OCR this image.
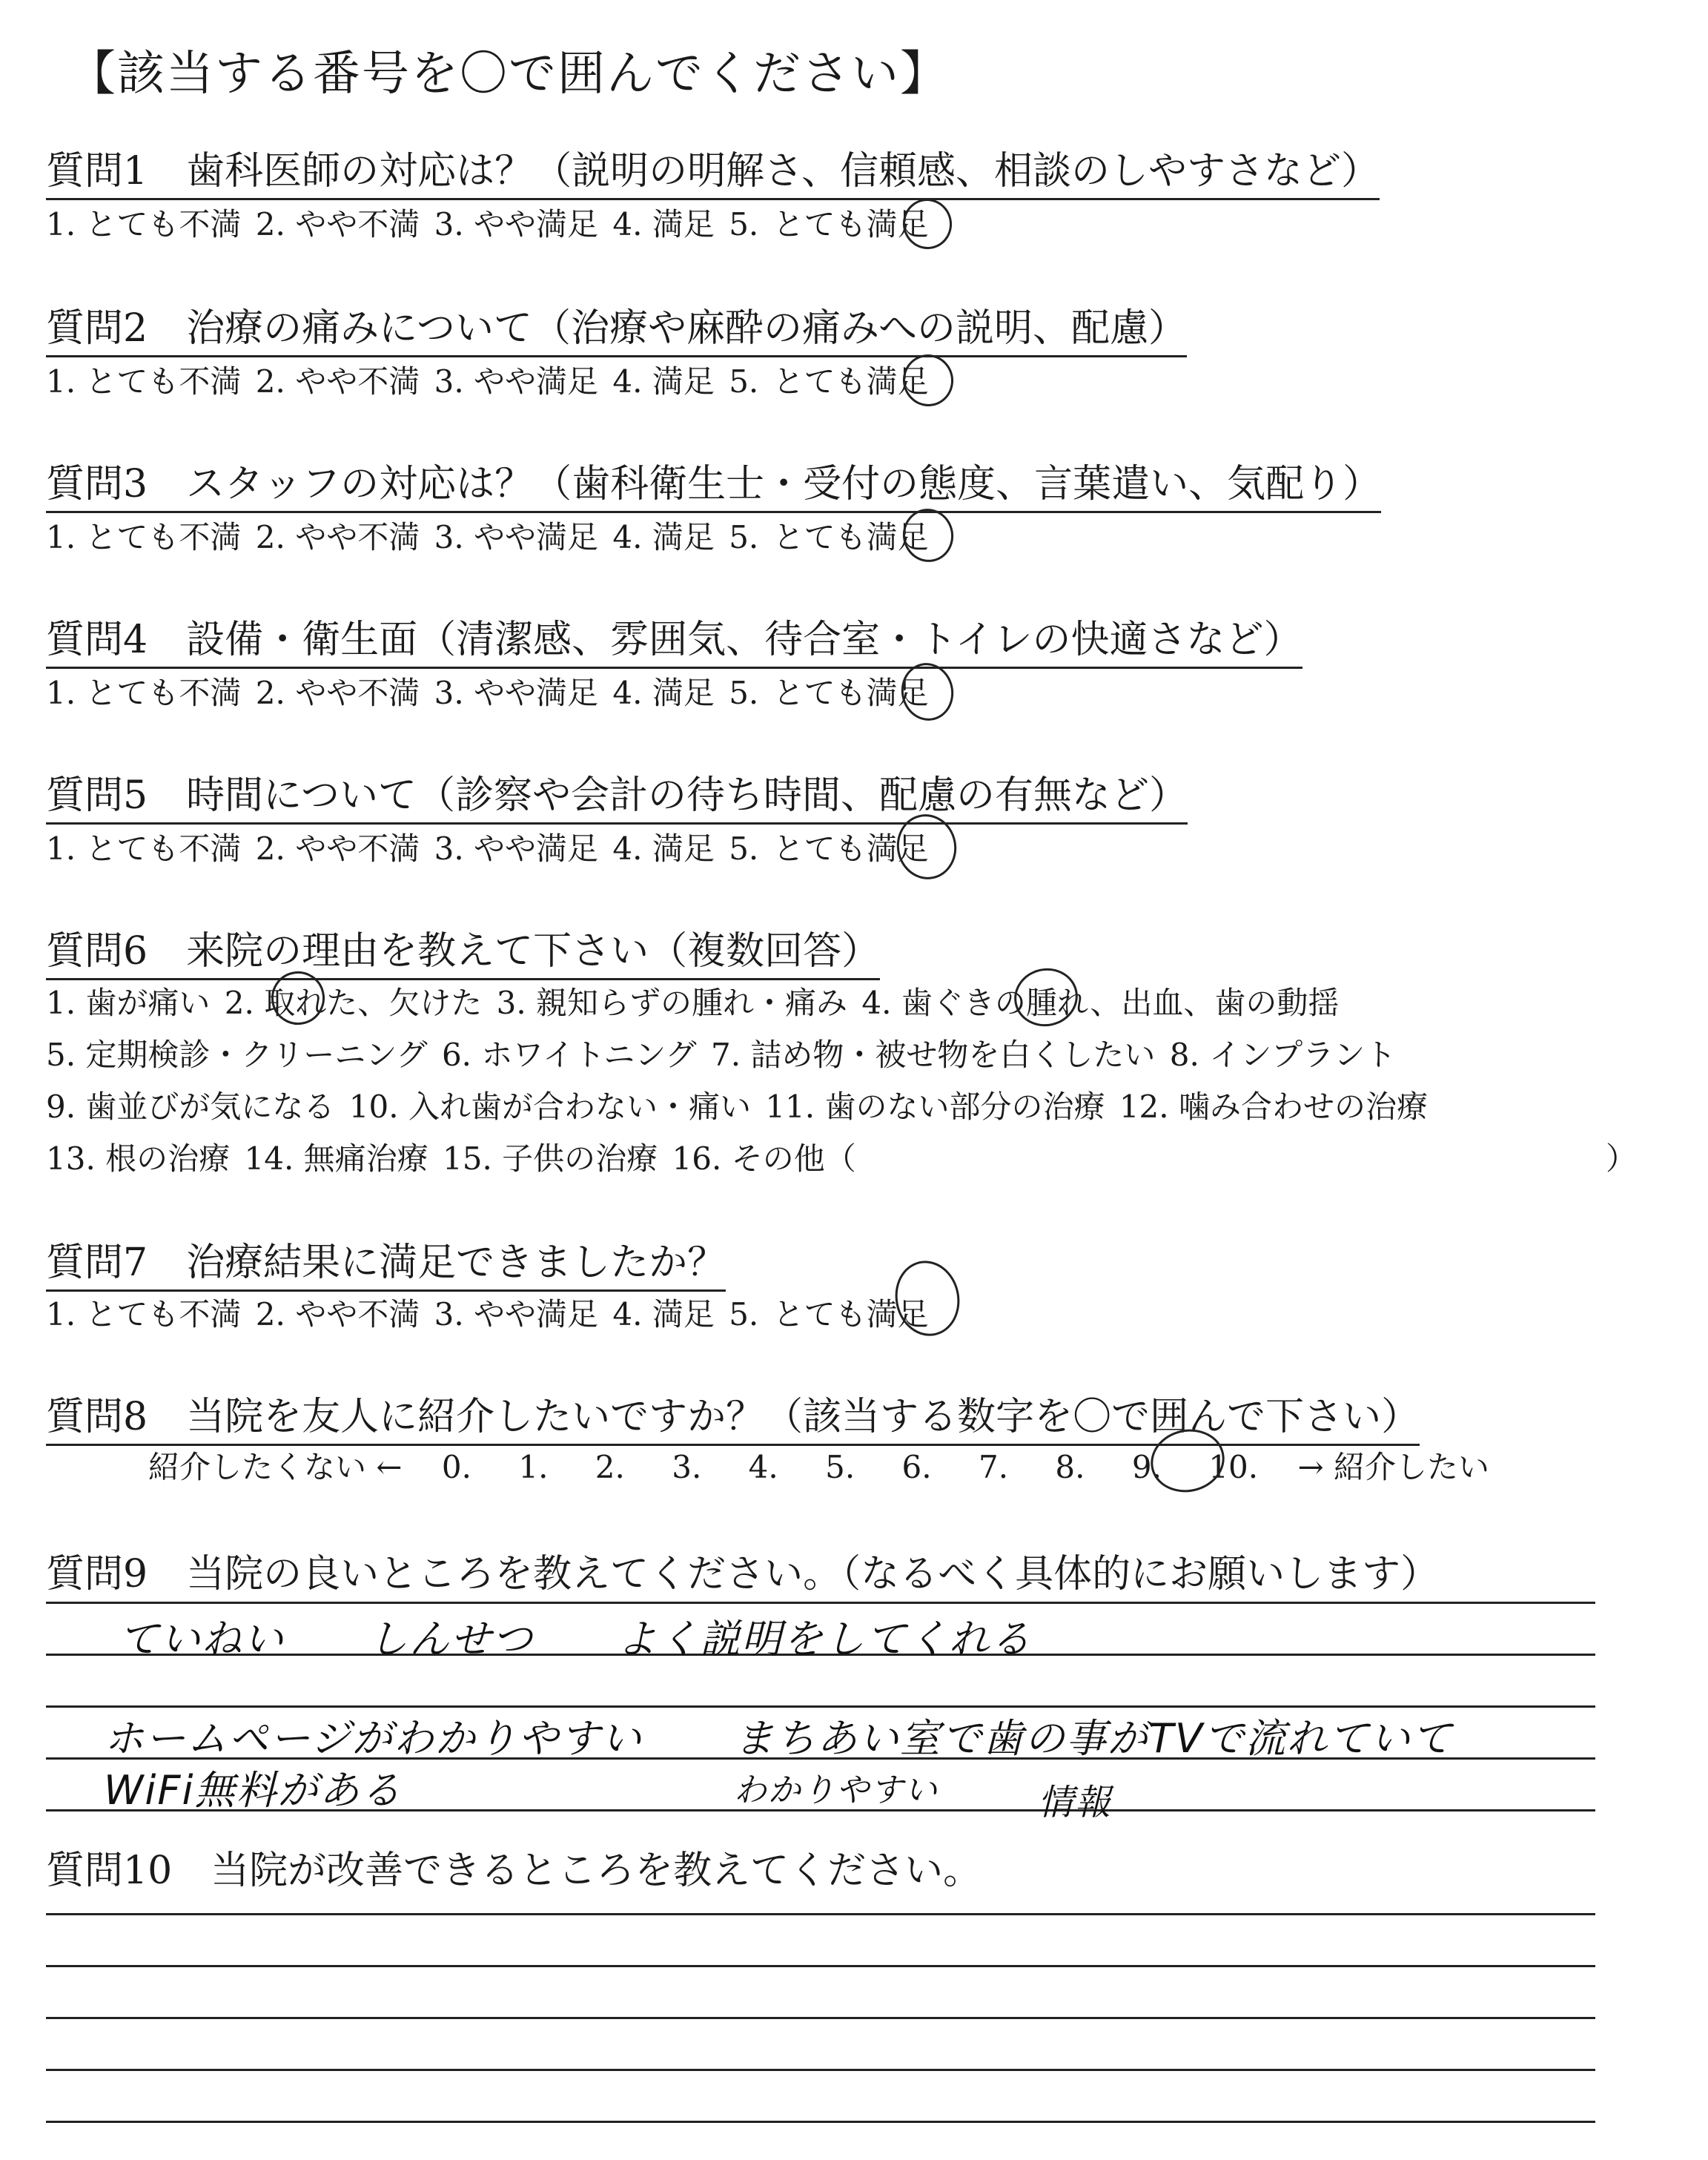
【該当する番号を〇で囲んでください】
質問1　歯科医師の対応は？（説明の明解さ、信頼感、相談のしやすさなど）
1. とても不満 2. やや不満 3. やや満足 4. 満足 5. とても満足
質問2　治療の痛みについて（治療や麻酔の痛みへの説明、配慮）
1. とても不満 2. やや不満 3. やや満足 4. 満足 5. とても満足
質問3　スタッフの対応は？（歯科衛生士・受付の態度、言葉遣い、気配り）
1. とても不満 2. やや不満 3. やや満足 4. 満足 5. とても満足
質問4　設備・衛生面（清潔感、雰囲気、待合室・トイレの快適さなど）
1. とても不満 2. やや不満 3. やや満足 4. 満足 5. とても満足
質問5　時間について（診察や会計の待ち時間、配慮の有無など）
1. とても不満 2. やや不満 3. やや満足 4. 満足 5. とても満足
質問6　来院の理由を教えて下さい（複数回答）
1. 歯が痛い 2. 取れた、欠けた 3. 親知らずの腫れ・痛み 4. 歯ぐきの腫れ、出血、歯の動揺
5. 定期検診・クリーニング 6. ホワイトニング 7. 詰め物・被せ物を白くしたい 8. インプラント
9. 歯並びが気になる 10. 入れ歯が合わない・痛い 11. 歯のない部分の治療 12. 噛み合わせの治療
13. 根の治療 14. 無痛治療 15. 子供の治療 16. その他（	）
質問7　治療結果に満足できましたか？
1. とても不満 2. やや不満 3. やや満足 4. 満足 5. とても満足
質問8　当院を友人に紹介したいですか？（該当する数字を〇で囲んで下さい）
紹介したくない ← 0. 1. 2. 3. 4. 5. 6. 7. 8. 9. 10. → 紹介したい
質問9　当院の良いところを教えてください。（なるべく具体的にお願いします）
ていねい　　しんせつ　　よく説明をしてくれる
ホームページがわかりやすい まちあい室で歯の事がTVで流れていて
WiFi無料がある	わかりやすい	情報
質問10　当院が改善できるところを教えてください。
